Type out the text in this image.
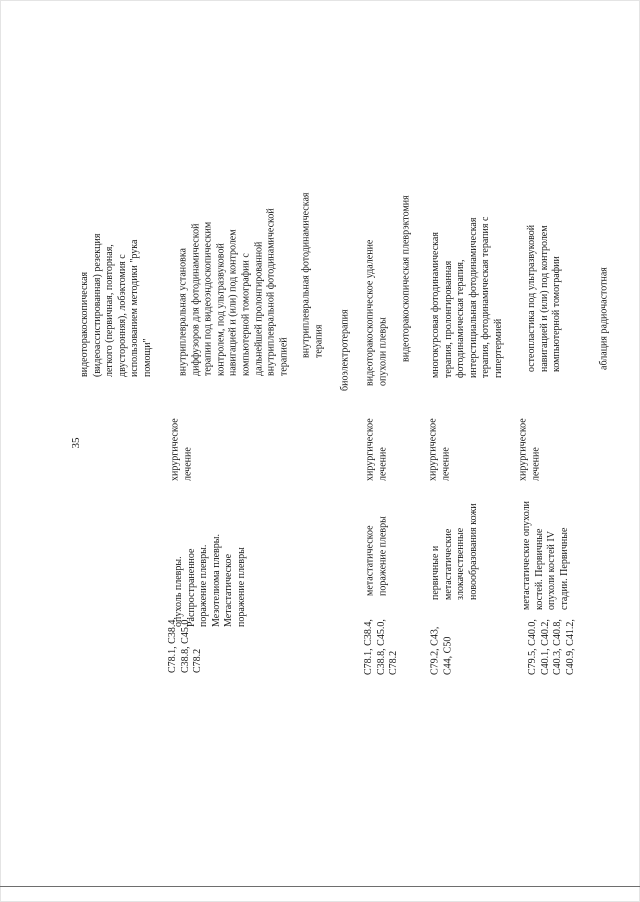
35
C78.1, C38.4,
C38.8, C45.0,
C78.2
опухоль плевры.
Распространенное
поражение плевры.
Мезотелиома плевры.
Метастатическое
поражение плевры
хирургическое
лечение
видеоторакоскопическая
(видеоассистированная) резекция
легкого (первичная, повторная,
двусторонняя), лобэктомия с
использованием методики "рука
помощи" внутриплевральная установка
диффузоров для фотодинамической
терапии под видеоэндоскопическим
контролем, под ультразвуковой
навигацией и (или) под контролем
компьютерной томографии с
дальнейшей пролонгированной
внутриплевральной фотодинамической
терапией внутриплевральная фотодинамическая
терапия биоэлектротерапия
C78.1, C38.4,
C38.8, C45.0,
C78.2
метастатическое
поражение плевры
хирургическое
лечение
видеоторакоскопическое удаление
опухоли плевры видеоторакоскопическая плеврэктомия
C79.2, C43,
C44, C50
первичные и
метастатические
злокачественные
новообразования кожи
хирургическое
лечение
многокурсовая фотодинамическая
терапия, пролонгированная
фотодинамическая терапия,
интерстициальная фотодинамическая
терапия, фотодинамическая терапия с
гипертермией
C79.5, C40.0,
C40.1, C40.2,
C40.3, C40.8,
C40.9, C41.2,
метастатические опухоли
костей. Первичные
опухоли костей IV
стадии. Первичные
хирургическое
лечение
остеопластика под ультразвуковой
навигацией и (или) под контролем
компьютерной томографии	аблация радиочастотная
